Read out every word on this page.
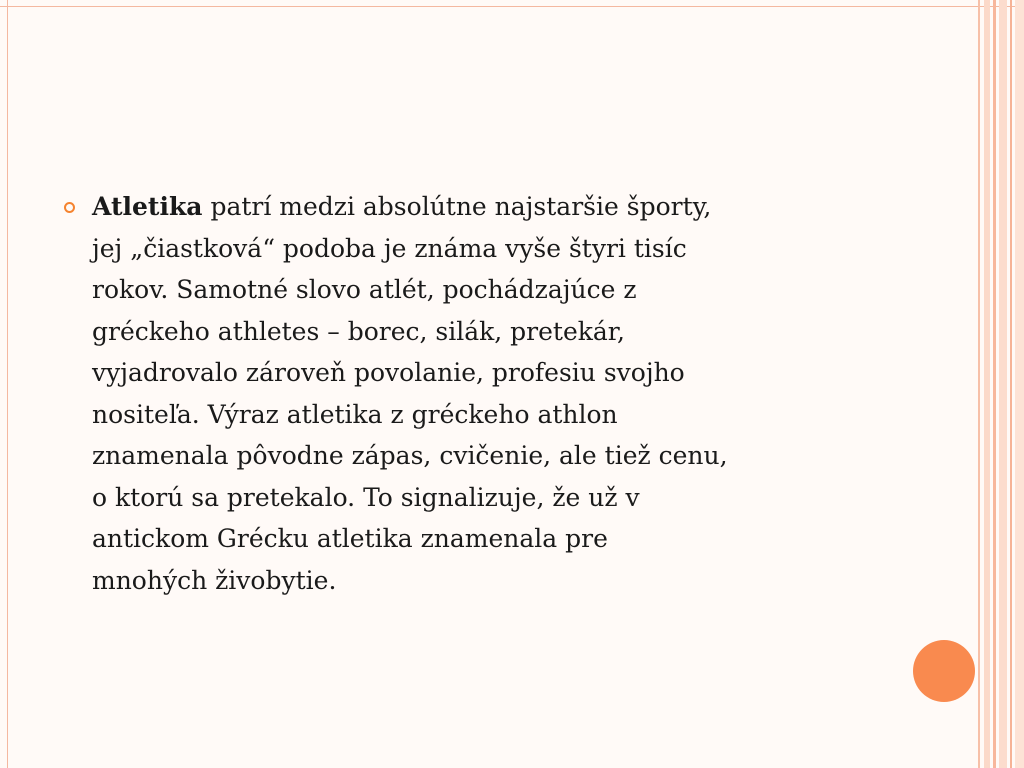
Atletika patrí medzi absolútne najstaršie športy,
jej „čiastková“ podoba je známa vyše štyri tisíc
rokov. Samotné slovo atlét, pochádzajúce z
gréckeho athletes – borec, silák, pretekár,
vyjadrovalo zároveň povolanie, profesiu svojho
nositeľa. Výraz atletika z gréckeho athlon
znamenala pôvodne zápas, cvičenie, ale tiež cenu,
o ktorú sa pretekalo. To signalizuje, že už v
antickom Grécku atletika znamenala pre
mnohých živobytie.
